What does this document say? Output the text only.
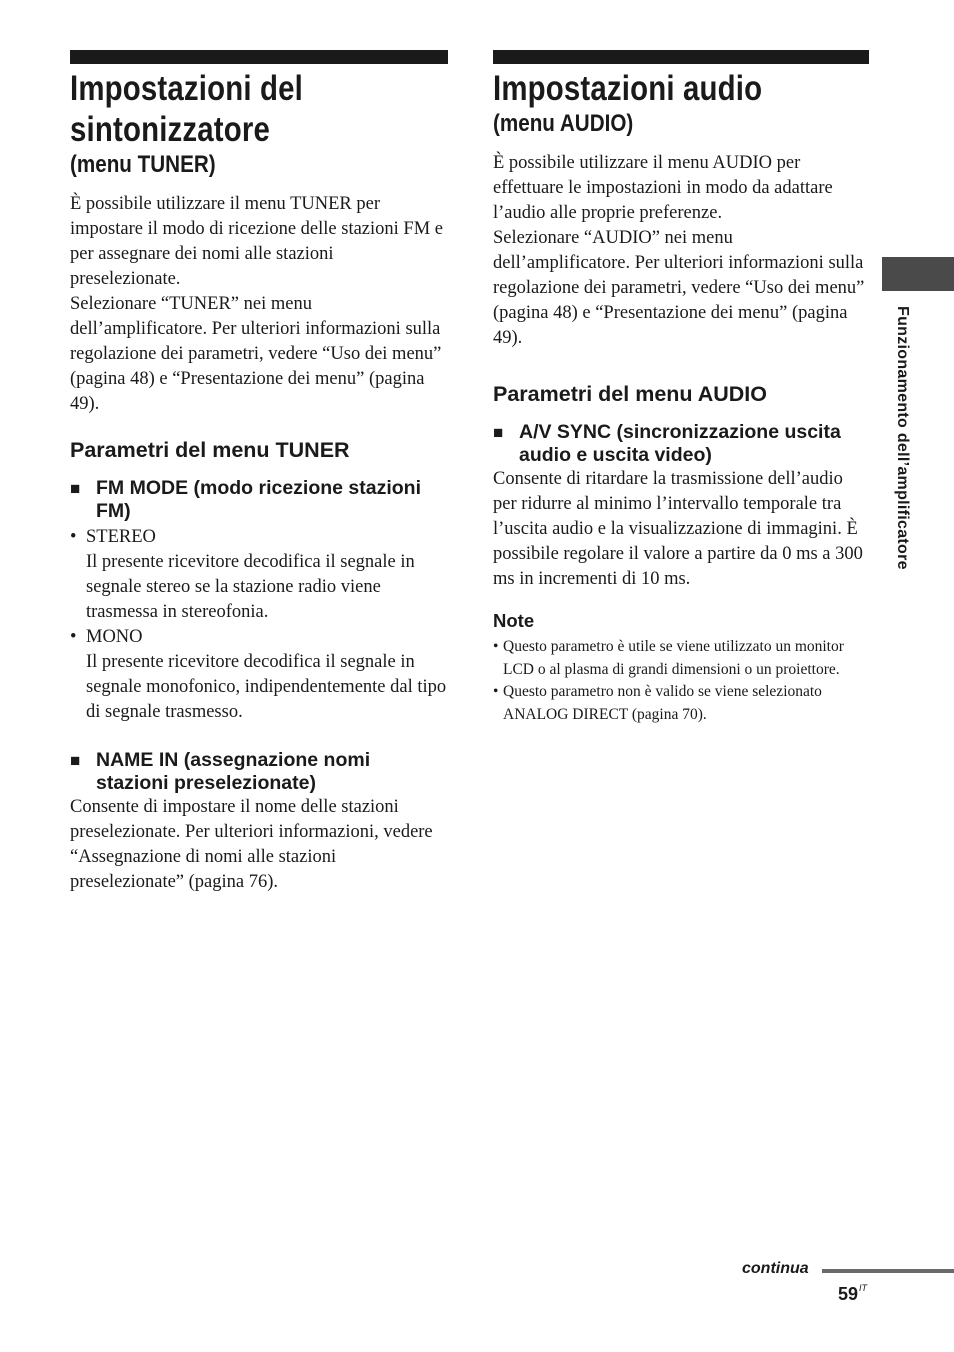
Impostazioni del sintonizzatore
(menu TUNER)

È possibile utilizzare il menu TUNER per impostare il modo di ricezione delle stazioni FM e per assegnare dei nomi alle stazioni preselezionate.

Selezionare “TUNER” nei menu dell’amplificatore. Per ulteriori informazioni sulla regolazione dei parametri, vedere “Uso dei menu” (pagina 48) e “Presentazione dei menu” (pagina 49).

Parametri del menu TUNER
■ FM MODE (modo ricezione stazioni FM)
• STEREO
Il presente ricevitore decodifica il segnale in segnale stereo se la stazione radio viene trasmessa in stereofonia.
• MONO
Il presente ricevitore decodifica il segnale in segnale monofonico, indipendentemente dal tipo di segnale trasmesso.
■ NAME IN (assegnazione nomi stazioni preselezionate)

Consente di impostare il nome delle stazioni preselezionate. Per ulteriori informazioni, vedere “Assegnazione di nomi alle stazioni preselezionate” (pagina 76).

Impostazioni audio
(menu AUDIO)

È possibile utilizzare il menu AUDIO per effettuare le impostazioni in modo da adattare l’audio alle proprie preferenze.

Selezionare “AUDIO” nei menu dell’amplificatore. Per ulteriori informazioni sulla regolazione dei parametri, vedere “Uso dei menu” (pagina 48) e “Presentazione dei menu” (pagina 49).

Parametri del menu AUDIO
■ A/V SYNC (sincronizzazione uscita audio e uscita video)

Consente di ritardare la trasmissione dell’audio per ridurre al minimo l’intervallo temporale tra l’uscita audio e la visualizzazione di immagini. È possibile regolare il valore a partire da 0 ms a 300 ms in incrementi di 10 ms.

Note
• Questo parametro è utile se viene utilizzato un monitor LCD o al plasma di grandi dimensioni o un proiettore.
• Questo parametro non è valido se viene selezionato ANALOG DIRECT (pagina 70).
Funzionamento dell’amplificatore
continua
$59^{IT}$
